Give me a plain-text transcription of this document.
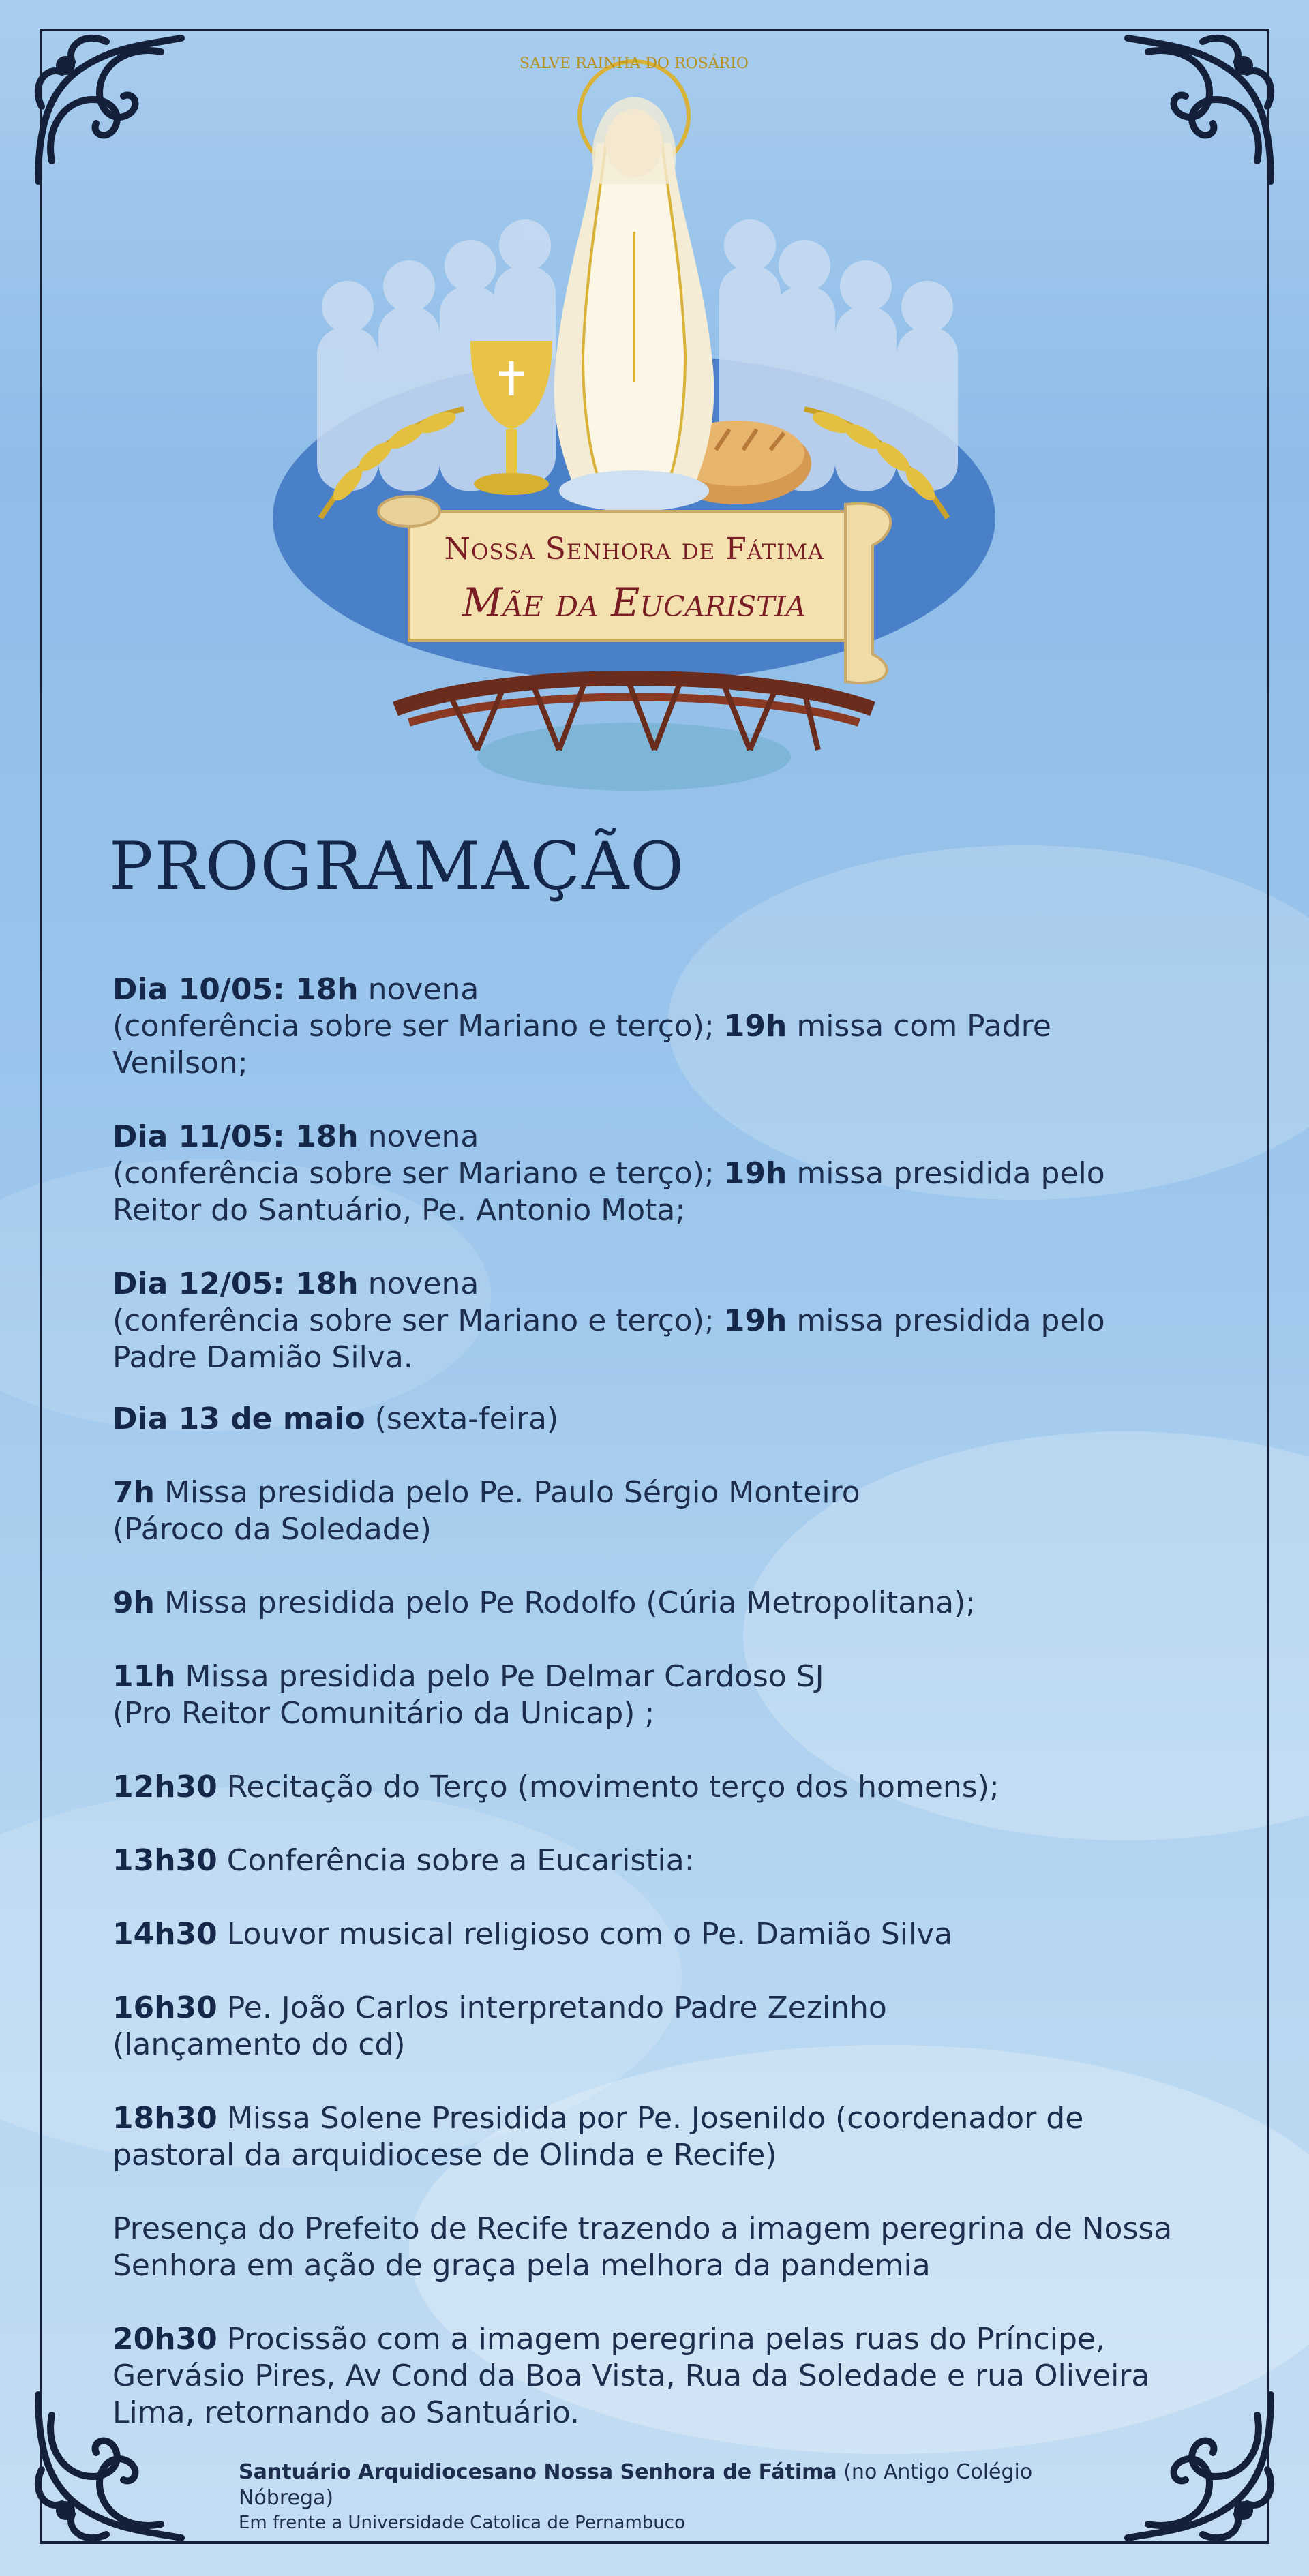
SALVE RAINHA DO ROSÁRIO
Nossa Senhora de Fátima
Mãe da Eucaristia
PROGRAMAÇÃO
Dia 10/05: 18h novena
(conferência sobre ser Mariano e terço); 19h missa com Padre Venilson;
Dia 11/05: 18h novena
(conferência sobre ser Mariano e terço); 19h missa presidida pelo Reitor do Santuário, Pe. Antonio Mota;
Dia 12/05: 18h novena
(conferência sobre ser Mariano e terço); 19h missa presidida pelo Padre Damião Silva.
Dia 13 de maio (sexta-feira)
7h Missa presidida pelo Pe. Paulo Sérgio Monteiro
(Pároco da Soledade)
9h Missa presidida pelo Pe Rodolfo (Cúria Metropolitana);
11h Missa presidida pelo Pe Delmar Cardoso SJ
(Pro Reitor Comunitário da Unicap) ;
12h30 Recitação do Terço (movimento terço dos homens);
13h30 Conferência sobre a Eucaristia:
14h30 Louvor musical religioso com o Pe. Damião Silva
16h30 Pe. João Carlos interpretando Padre Zezinho
(lançamento do cd)
18h30 Missa Solene Presidida por Pe. Josenildo (coordenador de pastoral da arquidiocese de Olinda e Recife)
Presença do Prefeito de Recife trazendo a imagem peregrina de Nossa Senhora em ação de graça pela melhora da pandemia
20h30 Procissão com a imagem peregrina pelas ruas do Príncipe, Gervásio Pires, Av Cond da Boa Vista, Rua da Soledade e rua Oliveira Lima, retornando ao Santuário.
Santuário Arquidiocesano Nossa Senhora de Fátima (no Antigo Colégio Nóbrega)
Em frente a Universidade Catolica de Pernambuco
